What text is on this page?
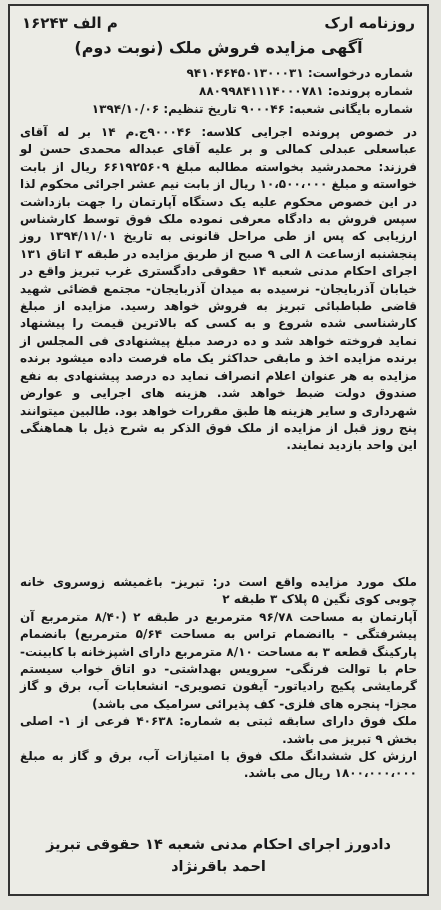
روزنامه ارک
م الف ۱۶۲۴۳
آگهی مزایده فروش ملک (نوبت دوم)
شماره درخواست: ۹۴۱۰۴۶۴۵۰۱۳۰۰۰۳۱
شماره پرونده: ۸۸۰۹۹۸۴۱۱۱۴۰۰۰۷۸۱
شماره بایگانی شعبه: ۹۰۰۰۴۶ تاریخ تنظیم: ۱۳۹۴/۱۰/۰۶

در خصوص پرونده اجرایی کلاسه: ۹۰۰۰۴۶ج.م ۱۴ بر له آقای عباسعلی عبدلی کمالی و بر علیه آقای عبداله محمدی حسن لو فرزند: محمدرشید بخواسته مطالبه مبلغ ۶۶۱۹۲۵۶۰۹ ریال از بابت خواسته و مبلغ ۱۰،۵۰۰،۰۰۰ ریال از بابت نیم عشر اجرائی محکوم لذا در این خصوص محکوم علیه یک دستگاه آپارتمان را جهت بازداشت سپس فروش به دادگاه معرفی نموده ملک فوق توسط کارشناس ارزیابی که پس از طی مراحل قانونی به تاریخ ۱۳۹۴/۱۱/۰۱ روز پنجشنبه ازساعت ۸ الی ۹ صبح از طریق مزایده در طبقه ۳ اتاق ۱۳۱ اجرای احکام مدنی شعبه ۱۴ حقوقی دادگستری غرب تبریز واقع در خیابان آذربایجان- نرسیده به میدان آذربایجان- مجتمع قضائی شهید قاضی طباطبائی تبریز به فروش خواهد رسید. مزایده از مبلغ کارشناسی شده شروع و به کسی که بالاترین قیمت را پیشنهاد نماید فروخته خواهد شد و ده درصد مبلغ پیشنهادی فی المجلس از برنده مزایده اخذ و مابقی حداکثر یک ماه فرصت داده میشود برنده مزایده به هر عنوان اعلام انصراف نماید ده درصد پیشنهادی به نفع صندوق دولت ضبط خواهد شد. هزینه های اجرایی و عوارض شهرداری و سایر هزینه ها طبق مقررات خواهد بود. طالبین میتوانند پنج روز قبل از مزایده از ملک فوق الذکر به شرح ذیل با هماهنگی این واحد بازدید نمایند.

ملک مورد مزایده واقع است در: تبریز- باغمیشه زوسروی خانه چوبی کوی نگین ۵ پلاک ۳ طبقه ۲

آپارتمان به مساحت ۹۶/۷۸ مترمربع در طبقه ۲ (۸/۴۰ مترمربع آن پیشرفتگی - باانضمام تراس به مساحت ۵/۶۴ مترمربع) بانضمام پارکینگ قطعه ۳ به مساحت ۸/۱۰ مترمربع دارای اشپزخانه با کابینت- حام با توالت فرنگی- سرویس بهداشتی- دو اتاق خواب سیستم گرمایشی پکیج رادیاتور- آیفون تصویری- انشعابات آب، برق و گاز مجزا- پنجره های فلزی- کف پذیرائی سرامیک می باشد)

ملک فوق دارای سابقه ثبتی به شماره: ۴۰۶۳۸ فرعی از ۱- اصلی بخش ۹ تبریز می باشد.

ارزش کل ششدانگ ملک فوق با امتیازات آب، برق و گاز به مبلغ ۱۸۰۰،۰۰۰،۰۰۰ ریال می باشد.

دادورز اجرای احکام مدنی شعبه ۱۴ حقوقی تبریز
احمد باقرنژاد
